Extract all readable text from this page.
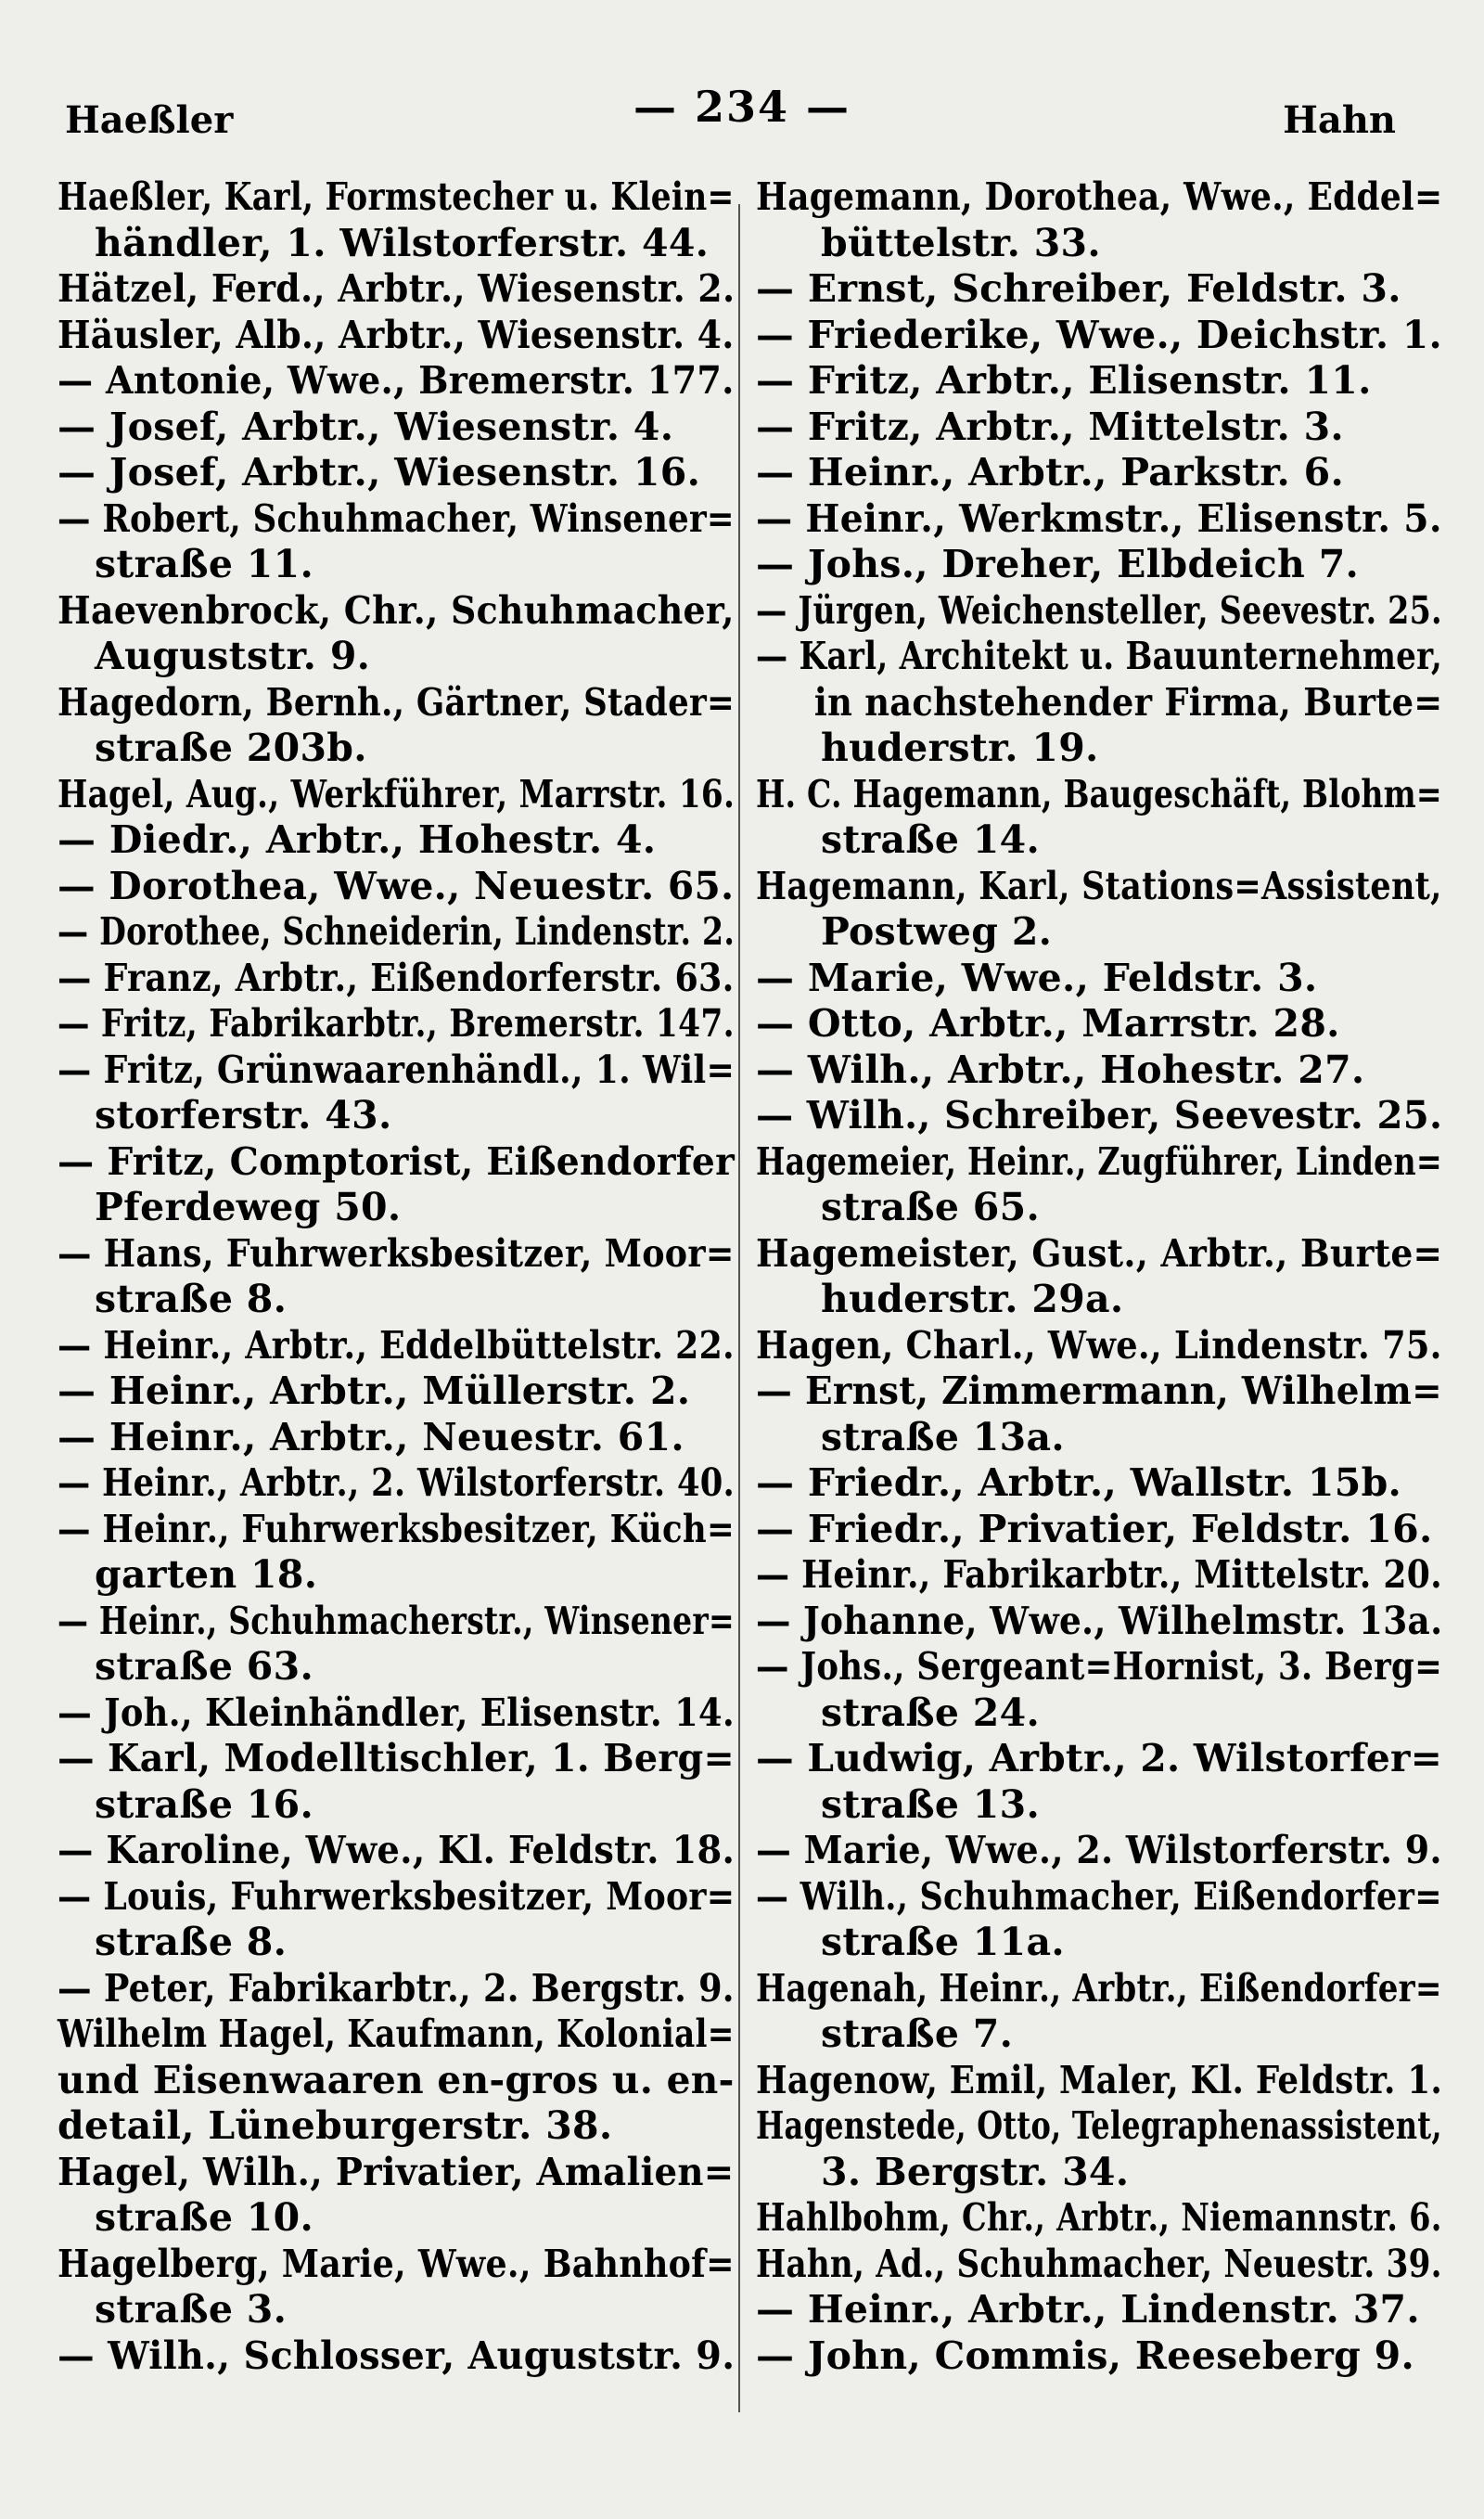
Haeßler	— 234 —	Hahn
Haeßler, Karl, Formstecher u. Klein=
händler, 1. Wilstorferstr. 44.
Hätzel, Ferd., Arbtr., Wiesenstr. 2.
Häusler, Alb., Arbtr., Wiesenstr. 4.
— Antonie, Wwe., Bremerstr. 177.
— Josef, Arbtr., Wiesenstr. 4.
— Josef, Arbtr., Wiesenstr. 16.
— Robert, Schuhmacher, Winsener=
straße 11.
Haevenbrock, Chr., Schuhmacher,
Auguststr. 9.
Hagedorn, Bernh., Gärtner, Stader=
straße 203b.
Hagel, Aug., Werkführer, Marrstr. 16.
— Diedr., Arbtr., Hohestr. 4.
— Dorothea, Wwe., Neuestr. 65.
— Dorothee, Schneiderin, Lindenstr. 2.
— Franz, Arbtr., Eißendorferstr. 63.
— Fritz, Fabrikarbtr., Bremerstr. 147.
— Fritz, Grünwaarenhändl., 1. Wil=
storferstr. 43.
— Fritz, Comptorist, Eißendorfer
Pferdeweg 50.
— Hans, Fuhrwerksbesitzer, Moor=
straße 8.
— Heinr., Arbtr., Eddelbüttelstr. 22.
— Heinr., Arbtr., Müllerstr. 2.
— Heinr., Arbtr., Neuestr. 61.
— Heinr., Arbtr., 2. Wilstorferstr. 40.
— Heinr., Fuhrwerksbesitzer, Küch=
garten 18.
— Heinr., Schuhmacherstr., Winsener=
straße 63.
— Joh., Kleinhändler, Elisenstr. 14.
— Karl, Modelltischler, 1. Berg=
straße 16.
— Karoline, Wwe., Kl. Feldstr. 18.
— Louis, Fuhrwerksbesitzer, Moor=
straße 8.
— Peter, Fabrikarbtr., 2. Bergstr. 9.
Wilhelm Hagel, Kaufmann, Kolonial=
und Eisenwaaren en-gros u. en-
detail, Lüneburgerstr. 38.
Hagel, Wilh., Privatier, Amalien=
straße 10.
Hagelberg, Marie, Wwe., Bahnhof=
straße 3.
— Wilh., Schlosser, Auguststr. 9.
Hagemann, Dorothea, Wwe., Eddel=
büttelstr. 33.
— Ernst, Schreiber, Feldstr. 3.
— Friederike, Wwe., Deichstr. 1.
— Fritz, Arbtr., Elisenstr. 11.
— Fritz, Arbtr., Mittelstr. 3.
— Heinr., Arbtr., Parkstr. 6.
— Heinr., Werkmstr., Elisenstr. 5.
— Johs., Dreher, Elbdeich 7.
— Jürgen, Weichensteller, Seevestr. 25.
— Karl, Architekt u. Bauunternehmer,
in nachstehender Firma, Burte=
huderstr. 19.
H. C. Hagemann, Baugeschäft, Blohm=
straße 14.
Hagemann, Karl, Stations=Assistent,
Postweg 2.
— Marie, Wwe., Feldstr. 3.
— Otto, Arbtr., Marrstr. 28.
— Wilh., Arbtr., Hohestr. 27.
— Wilh., Schreiber, Seevestr. 25.
Hagemeier, Heinr., Zugführer, Linden=
straße 65.
Hagemeister, Gust., Arbtr., Burte=
huderstr. 29a.
Hagen, Charl., Wwe., Lindenstr. 75.
— Ernst, Zimmermann, Wilhelm=
straße 13a.
— Friedr., Arbtr., Wallstr. 15b.
— Friedr., Privatier, Feldstr. 16.
— Heinr., Fabrikarbtr., Mittelstr. 20.
— Johanne, Wwe., Wilhelmstr. 13a.
— Johs., Sergeant=Hornist, 3. Berg=
straße 24.
— Ludwig, Arbtr., 2. Wilstorfer=
straße 13.
— Marie, Wwe., 2. Wilstorferstr. 9.
— Wilh., Schuhmacher, Eißendorfer=
straße 11a.
Hagenah, Heinr., Arbtr., Eißendorfer=
straße 7.
Hagenow, Emil, Maler, Kl. Feldstr. 1.
Hagenstede, Otto, Telegraphenassistent,
3. Bergstr. 34.
Hahlbohm, Chr., Arbtr., Niemannstr. 6.
Hahn, Ad., Schuhmacher, Neuestr. 39.
— Heinr., Arbtr., Lindenstr. 37.
— John, Commis, Reeseberg 9.
